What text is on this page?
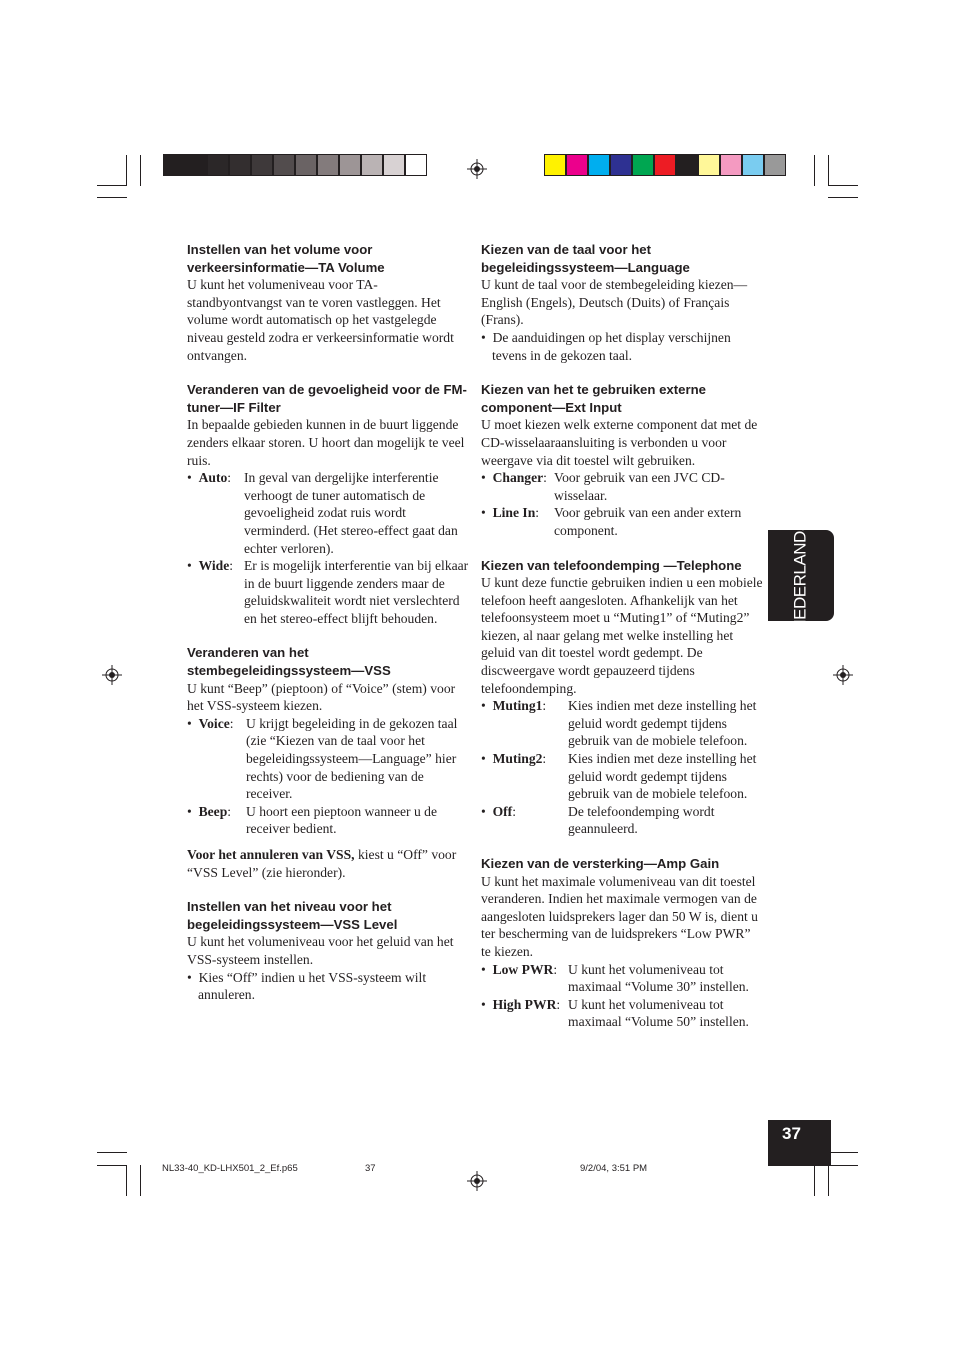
Instellen van het volume voor verkeersinformatie—TA Volume

U kunt het volumeniveau voor TA-standbyontvangst van te voren vastleggen. Het volume wordt automatisch op het vastgelegde niveau gesteld zodra er verkeersinformatie wordt ontvangen.

Veranderen van de gevoeligheid voor de FM-tuner—IF Filter

In bepaalde gebieden kunnen in de buurt liggende zenders elkaar storen. U hoort dan mogelijk te veel ruis.

•  Auto: In geval van dergelijke interferentie verhoogt de tuner automatisch de gevoeligheid zodat ruis wordt verminderd. (Het stereo-effect gaat dan echter verloren).
•  Wide: Er is mogelijk interferentie van bij elkaar in de buurt liggende zenders maar de geluidskwaliteit wordt niet verslechterd en het stereo-effect blijft behouden.

Veranderen van het stembegeleidingssysteem—VSS

U kunt “Beep” (pieptoon) of “Voice” (stem) voor het VSS-systeem kiezen.

•  Voice: U krijgt begeleiding in de gekozen taal (zie “Kiezen van de taal voor het begeleidingssysteem—Language” hier rechts) voor de bediening van de receiver.
•  Beep:	U hoort een pieptoon wanneer u de receiver bedient.

Voor het annuleren van VSS, kiest u “Off” voor “VSS Level” (zie hieronder).

Instellen van het niveau voor het begeleidingssysteem—VSS Level

U kunt het volumeniveau voor het geluid van het VSS-systeem instellen.

•  Kies “Off” indien u het VSS-systeem wilt annuleren.

Kiezen van de taal voor het begeleidingssysteem—Language

U kunt de taal voor de stembegeleiding kiezen—English (Engels), Deutsch (Duits) of Français (Frans).

•  De aanduidingen op het display verschijnen tevens in de gekozen taal.

Kiezen van het te gebruiken externe component—Ext Input

U moet kiezen welk externe component dat met de CD-wisselaaraansluiting is verbonden u voor weergave via dit toestel wilt gebruiken.

•  Changer: Voor gebruik van een JVC CD-wisselaar.
•  Line In:	Voor gebruik van een ander extern component.

Kiezen van telefoondemping —Telephone

U kunt deze functie gebruiken indien u een mobiele telefoon heeft aangesloten. Afhankelijk van het telefoonsysteem moet u “Muting1” of “Muting2” kiezen, al naar gelang met welke instelling het geluid van dit toestel wordt gedempt. De discweergave wordt gepauzeerd tijdens telefoondemping.

•  Muting1:	Kies indien met deze instelling het geluid wordt gedempt tijdens gebruik van de mobiele telefoon.
•  Muting2:	Kies indien met deze instelling het geluid wordt gedempt tijdens gebruik van de mobiele telefoon.
•  Off:	De telefoondemping wordt geannuleerd.

Kiezen van de versterking—Amp Gain

U kunt het maximale volumeniveau van dit toestel veranderen. Indien het maximale vermogen van de aangesloten luidsprekers lager dan 50 W is, dient u ter bescherming van de luidsprekers “Low PWR” te kiezen.

•  Low PWR: U kunt het volumeniveau tot maximaal “Volume 30” instellen.
•  High PWR: U kunt het volumeniveau tot maximaal “Volume 50” instellen.
NEDERLANDS
37
NL33-40_KD-LHX501_2_Ef.p65	37	9/2/04, 3:51 PM
